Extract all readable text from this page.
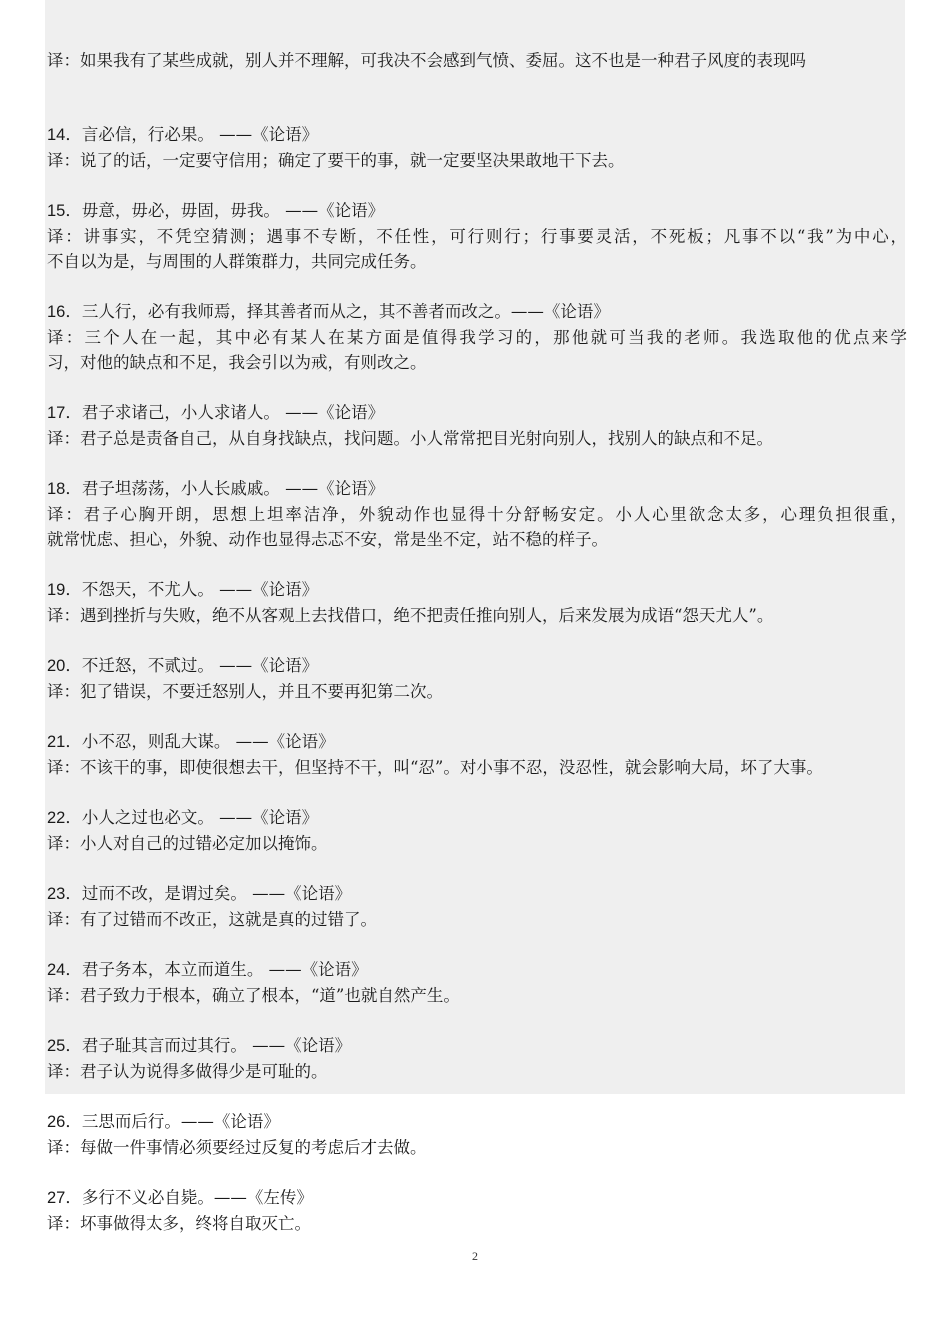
译：如果我有了某些成就，别人并不理解，可我决不会感到气愤、委屈。这不也是一种君子风度的表现吗
14．言必信，行必果。 ——《论语》
译：说了的话，一定要守信用；确定了要干的事，就一定要坚决果敢地干下去。
15．毋意，毋必，毋固，毋我。 ——《论语》
译：讲事实，不凭空猜测；遇事不专断，不任性，可行则行；行事要灵活，不死板；凡事不以“我”为中心，
不自以为是，与周围的人群策群力，共同完成任务。
16．三人行，必有我师焉，择其善者而从之，其不善者而改之。——《论语》
译：三个人在一起，其中必有某人在某方面是值得我学习的，那他就可当我的老师。我选取他的优点来学
习，对他的缺点和不足，我会引以为戒，有则改之。
17．君子求诸己，小人求诸人。 ——《论语》
译：君子总是责备自己，从自身找缺点，找问题。小人常常把目光射向别人，找别人的缺点和不足。
18．君子坦荡荡，小人长戚戚。 ——《论语》
译：君子心胸开朗，思想上坦率洁净，外貌动作也显得十分舒畅安定。小人心里欲念太多，心理负担很重，
就常忧虑、担心，外貌、动作也显得忐忑不安，常是坐不定，站不稳的样子。
19．不怨天，不尤人。 ——《论语》
译：遇到挫折与失败，绝不从客观上去找借口，绝不把责任推向别人，后来发展为成语“怨天尤人”。
20．不迁怒，不贰过。 ——《论语》
译：犯了错误，不要迁怒别人，并且不要再犯第二次。
21．小不忍，则乱大谋。 ——《论语》
译：不该干的事，即使很想去干，但坚持不干，叫“忍”。对小事不忍，没忍性，就会影响大局，坏了大事。
22．小人之过也必文。 ——《论语》
译：小人对自己的过错必定加以掩饰。
23．过而不改，是谓过矣。 ——《论语》
译：有了过错而不改正，这就是真的过错了。
24．君子务本，本立而道生。 ——《论语》
译：君子致力于根本，确立了根本，“道”也就自然产生。
25．君子耻其言而过其行。 ——《论语》
译：君子认为说得多做得少是可耻的。
26．三思而后行。——《论语》
译：每做一件事情必须要经过反复的考虑后才去做。
27．多行不义必自毙。——《左传》
译：坏事做得太多，终将自取灭亡。
2
